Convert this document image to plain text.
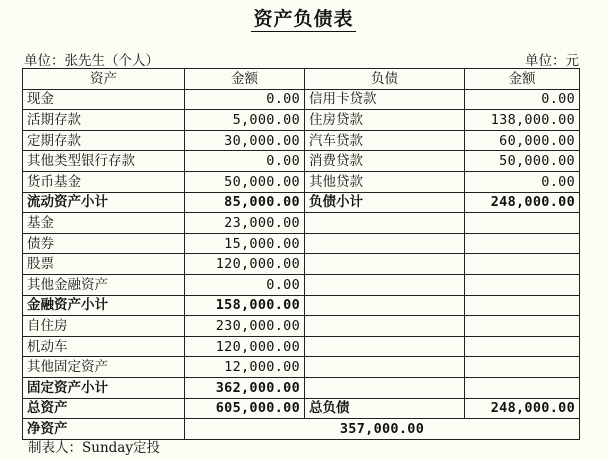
资产负债表
单位：张先生（个人）	单位：元
资产	金额	负债	金额
现金	0.00	信用卡贷款	0.00
活期存款	5,000.00	住房贷款	138,000.00
定期存款	30,000.00	汽车贷款	60,000.00
其他类型银行存款	0.00	消费贷款	50,000.00
货币基金	50,000.00	其他贷款	0.00
流动资产小计	85,000.00	负债小计	248,000.00
基金	23,000.00		
债券	15,000.00		
股票	120,000.00		
其他金融资产	0.00		
金融资产小计	158,000.00		
自住房	230,000.00		
机动车	120,000.00		
其他固定资产	12,000.00		
固定资产小计	362,000.00		
总资产	605,000.00	总负债	248,000.00
净资产	357,000.00		
制表人：Sunday定投
